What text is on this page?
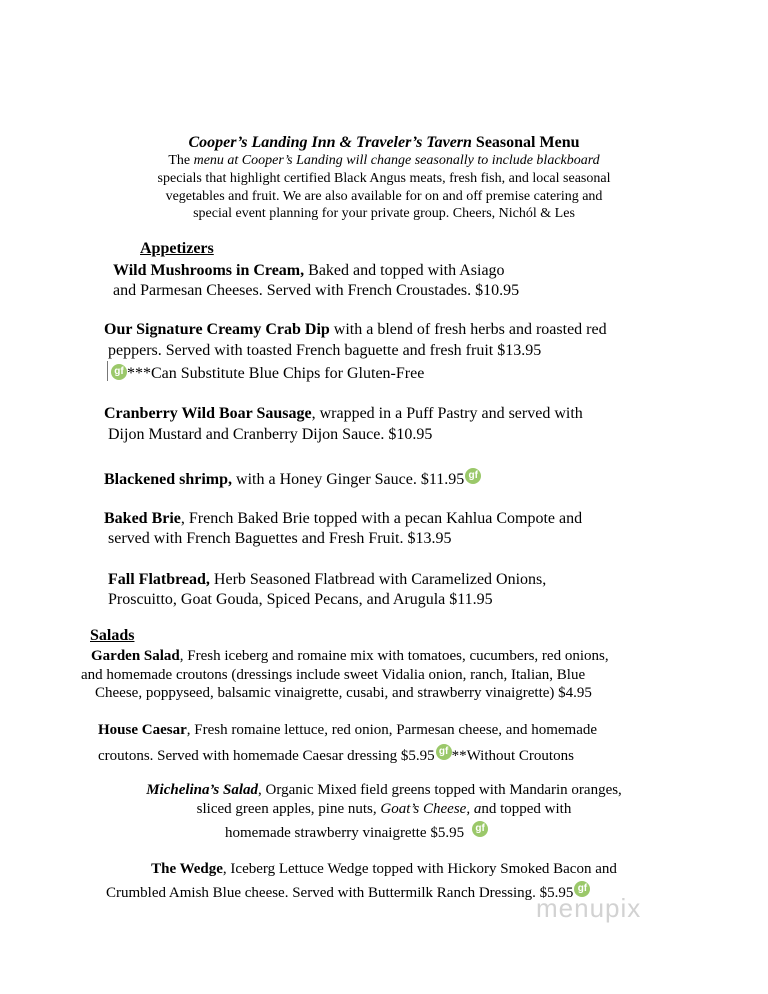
Cooper’s Landing Inn & Traveler’s Tavern Seasonal Menu
The menu at Cooper’s Landing will change seasonally to include blackboard
specials that highlight certified Black Angus meats, fresh fish, and local seasonal
vegetables and fruit. We are also available for on and off premise catering and
special event planning for your private group. Cheers, Nichól & Les
Appetizers
Wild Mushrooms in Cream, Baked and topped with Asiago
and Parmesan Cheeses. Served with French Croustades. $10.95
Our Signature Creamy Crab Dip with a blend of fresh herbs and roasted red
peppers. Served with toasted French baguette and fresh fruit $13.95
gf ***Can Substitute Blue Chips for Gluten-Free
Cranberry Wild Boar Sausage, wrapped in a Puff Pastry and served with
Dijon Mustard and Cranberry Dijon Sauce. $10.95
Blackened shrimp, with a Honey Ginger Sauce. $11.95 gf
Baked Brie, French Baked Brie topped with a pecan Kahlua Compote and
served with French Baguettes and Fresh Fruit. $13.95
Fall Flatbread, Herb Seasoned Flatbread with Caramelized Onions,
Proscuitto, Goat Gouda, Spiced Pecans, and Arugula $11.95
Salads
Garden Salad, Fresh iceberg and romaine mix with tomatoes, cucumbers, red onions,
and homemade croutons (dressings include sweet Vidalia onion, ranch, Italian, Blue
Cheese, poppyseed, balsamic vinaigrette, cusabi, and strawberry vinaigrette) $4.95
House Caesar, Fresh romaine lettuce, red onion, Parmesan cheese, and homemade
croutons. Served with homemade Caesar dressing $5.95 gf **Without Croutons
Michelina’s Salad, Organic Mixed field greens topped with Mandarin oranges,
sliced green apples, pine nuts, Goat’s Cheese, and topped with
homemade strawberry vinaigrette $5.95 gf
The Wedge, Iceberg Lettuce Wedge topped with Hickory Smoked Bacon and
Crumbled Amish Blue cheese. Served with Buttermilk Ranch Dressing. $5.95 gf
menupix
